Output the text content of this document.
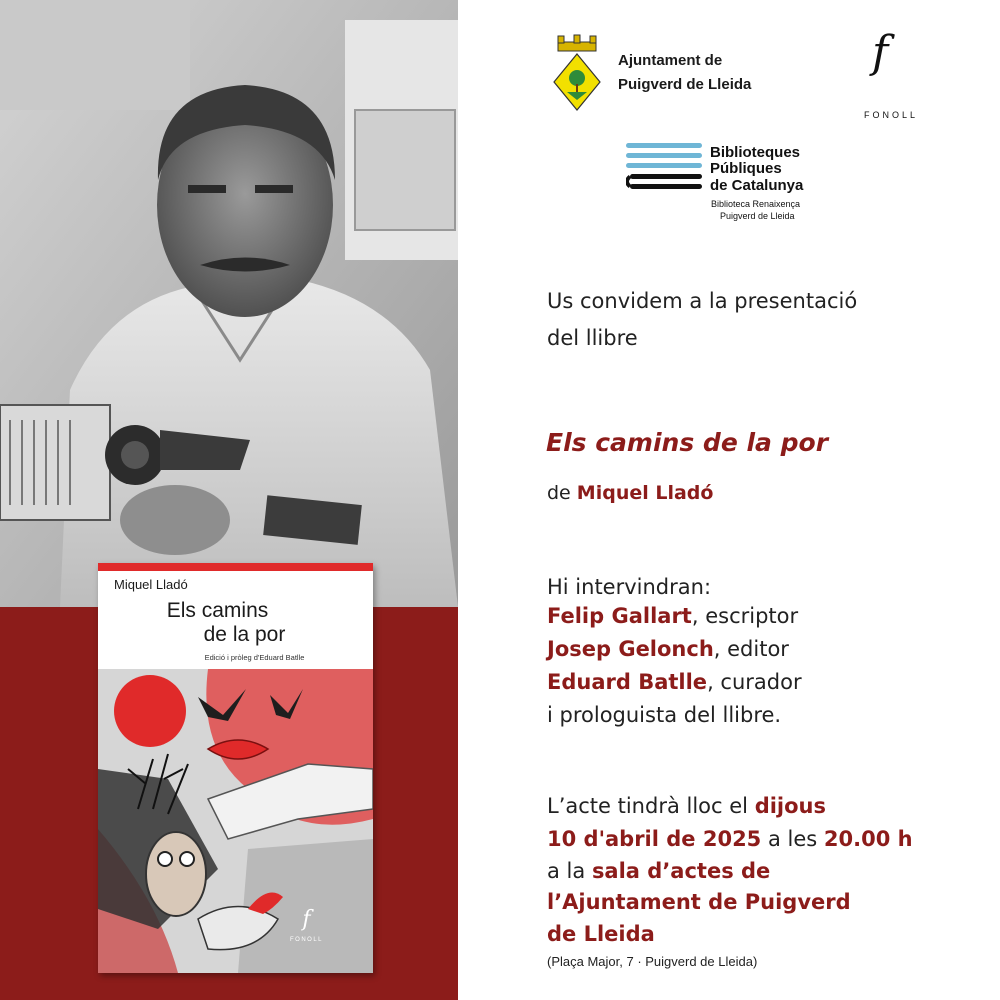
Miquel Lladó
Els camins
de la por
Edició i pròleg d'Eduard Batlle
f
FONOLL
Ajuntament de
Puigverd de Lleida
f
FONOLL
Biblioteques
Públiques
de Catalunya
Biblioteca Renaixença
Puigverd de Lleida
Us convidem a la presentació
del llibre
Els camins de la por
de Miquel Lladó
Hi intervindran:
Felip Gallart, escriptor
Josep Gelonch, editor
Eduard Batlle, curador
i prologuista del llibre.
L’acte tindrà lloc el dijous
10 d'abril de 2025 a les 20.00 h
a la sala d’actes de
l’Ajuntament de Puigverd
de Lleida
(Plaça Major, 7 · Puigverd de Lleida)
